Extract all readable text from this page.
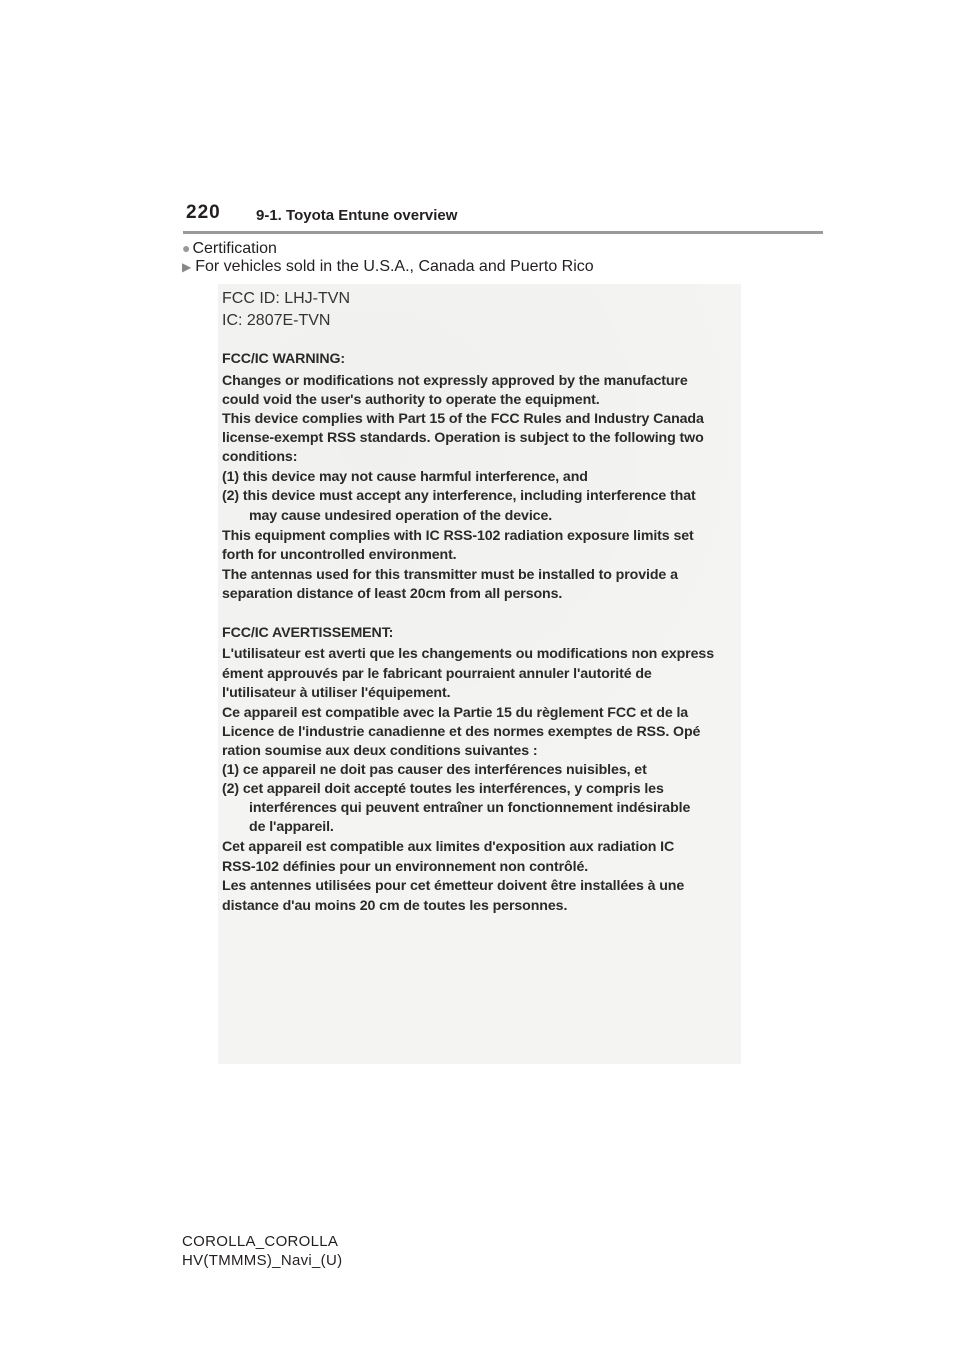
220 9-1. Toyota Entune overview
● Certification
▶ For vehicles sold in the U.S.A., Canada and Puerto Rico
FCC ID: LHJ-TVN
IC: 2807E-TVN
FCC/IC WARNING:
Changes or modifications not expressly approved by the manufacture
could void the user's authority to operate the equipment.
This device complies with Part 15 of the FCC Rules and Industry Canada
license-exempt RSS standards. Operation is subject to the following two
conditions:
(1) this device may not cause harmful interference, and
(2) this device must accept any interference, including interference that
may cause undesired operation of the device.
This equipment complies with IC RSS-102 radiation exposure limits set
forth for uncontrolled environment.
The antennas used for this transmitter must be installed to provide a
separation distance of least 20cm from all persons.
FCC/IC AVERTISSEMENT:
L'utilisateur est averti que les changements ou modifications non express
ément approuvés par le fabricant pourraient annuler l'autorité de
l'utilisateur à utiliser l'équipement.
Ce appareil est compatible avec la Partie 15 du règlement FCC et de la
Licence de l'industrie canadienne et des normes exemptes de RSS. Opé
ration soumise aux deux conditions suivantes :
(1) ce appareil ne doit pas causer des interférences nuisibles, et
(2) cet appareil doit accepté toutes les interférences, y compris les
interférences qui peuvent entraîner un fonctionnement indésirable
de l'appareil.
Cet appareil est compatible aux limites d'exposition aux radiation IC
RSS-102 définies pour un environnement non contrôlé.
Les antennes utilisées pour cet émetteur doivent être installées à une
distance d'au moins 20 cm de toutes les personnes.
COROLLA_COROLLA
HV(TMMMS)_Navi_(U)
